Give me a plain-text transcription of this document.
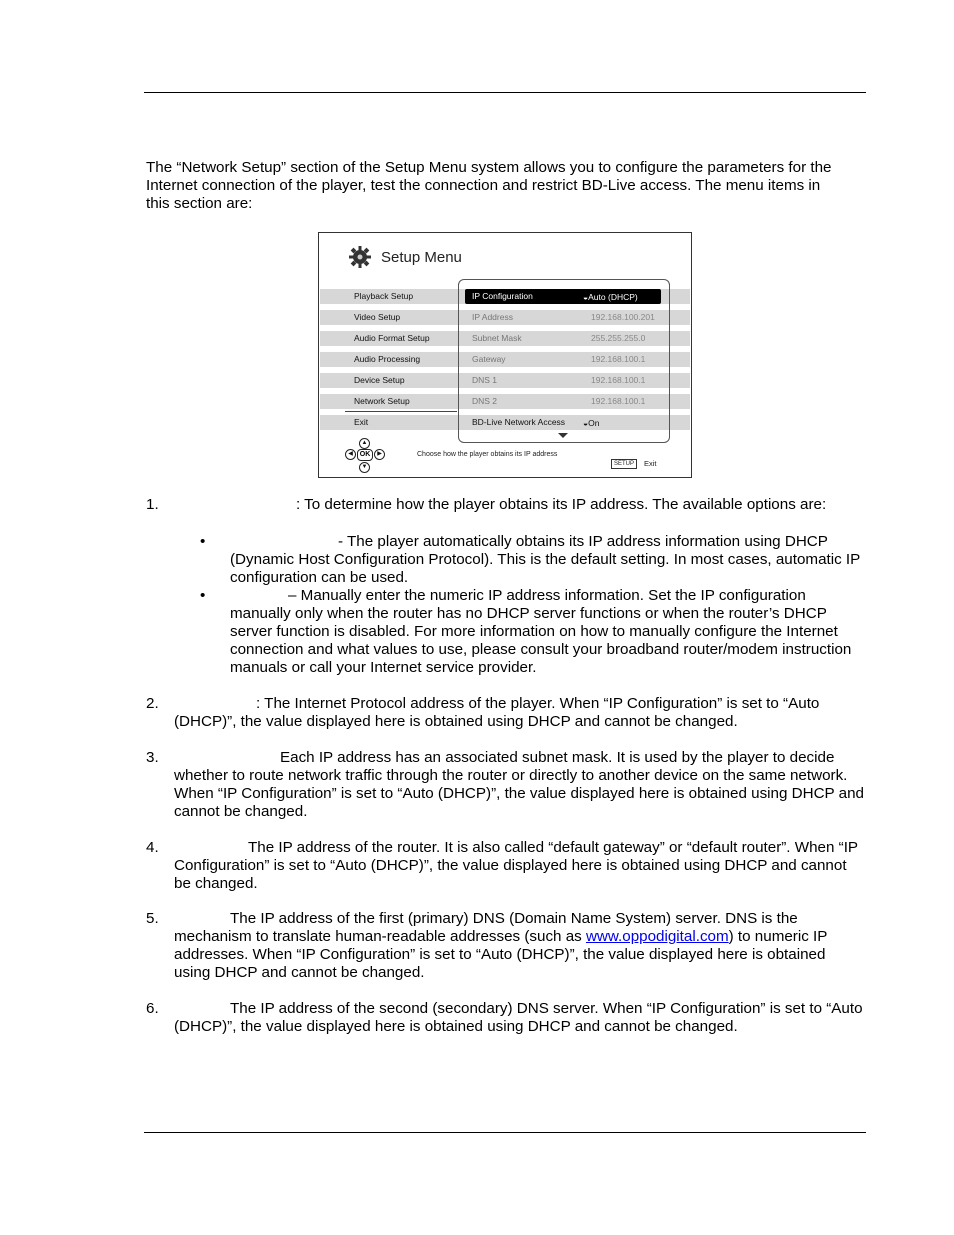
The “Network Setup” section of the Setup Menu system allows you to configure the parameters for the Internet connection of the player, test the connection and restrict BD-Live access. The menu items in this section are:
Setup Menu
Playback Setup
Video Setup
Audio Format Setup
Audio Processing
Device Setup
Network Setup
Exit
IP Configuration	◒Auto (DHCP)
IP Address	192.168.100.201
Subnet Mask	255.255.255.0
Gateway	192.168.100.1
DNS 1	192.168.100.1
DNS 2	192.168.100.1
BD-Live Network Access ◒On
▲
◀ OK	▶
▼
Choose how the player obtains its IP address
SETUP	Exit
1.	: To determine how the player obtains its IP address. The available options are:
•	- The player automatically obtains its IP address information using DHCP (Dynamic Host Configuration Protocol). This is the default setting. In most cases, automatic IP configuration can be used.
•	– Manually enter the numeric IP address information. Set the IP configuration manually only when the router has no DHCP server functions or when the router’s DHCP server function is disabled. For more information on how to manually configure the Internet connection and what values to use, please consult your broadband router/modem instruction manuals or call your Internet service provider.
2.	: The Internet Protocol address of the player. When “IP Configuration” is set to “Auto (DHCP)”, the value displayed here is obtained using DHCP and cannot be changed.
3.	Each IP address has an associated subnet mask. It is used by the player to decide whether to route network traffic through the router or directly to another device on the same network. When “IP Configuration” is set to “Auto (DHCP)”, the value displayed here is obtained using DHCP and cannot be changed.
4.	The IP address of the router. It is also called “default gateway” or “default router”. When “IP Configuration” is set to “Auto (DHCP)”, the value displayed here is obtained using DHCP and cannot be changed.
5.	The IP address of the first (primary) DNS (Domain Name System) server. DNS is the mechanism to translate human-readable addresses (such as www.oppodigital.com) to numeric IP addresses. When “IP Configuration” is set to “Auto (DHCP)”, the value displayed here is obtained using DHCP and cannot be changed.
6.	The IP address of the second (secondary) DNS server. When “IP Configuration” is set to “Auto (DHCP)”, the value displayed here is obtained using DHCP and cannot be changed.
